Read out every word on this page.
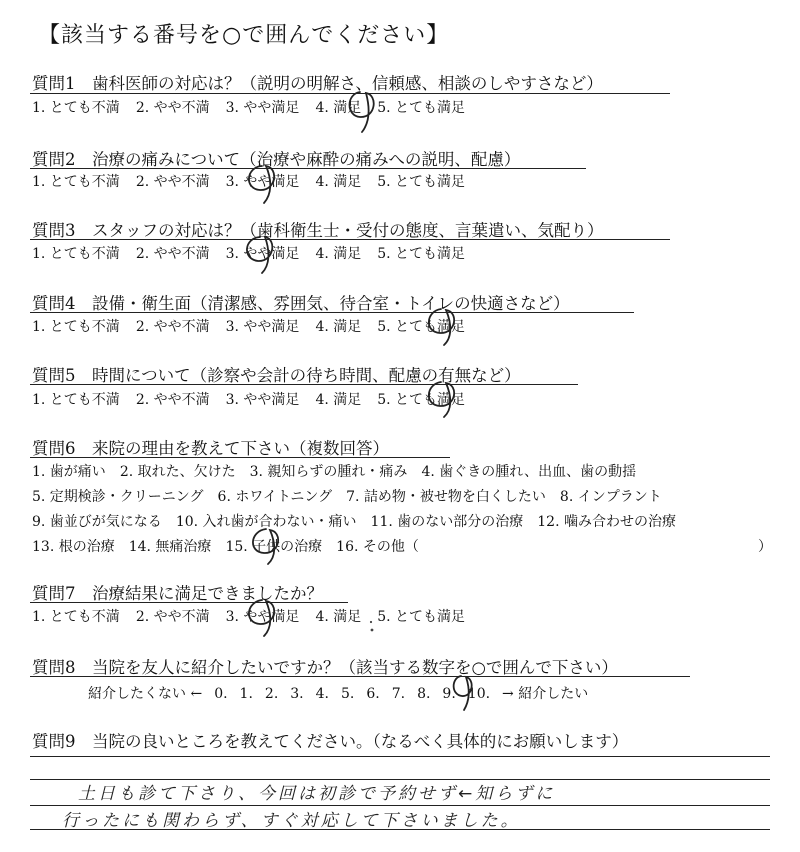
【該当する番号を○で囲んでください】
質問1　歯科医師の対応は？（説明の明解さ、信頼感、相談のしやすさなど）
1. とても不満 2. やや不満 3. やや満足 4. 満足 5. とても満足
質問2　治療の痛みについて（治療や麻酔の痛みへの説明、配慮）
1. とても不満 2. やや不満 3. やや満足 4. 満足 5. とても満足
質問3　スタッフの対応は？（歯科衛生士・受付の態度、言葉遣い、気配り）
1. とても不満 2. やや不満 3. やや満足 4. 満足 5. とても満足
質問4　設備・衛生面（清潔感、雰囲気、待合室・トイレの快適さなど）
1. とても不満 2. やや不満 3. やや満足 4. 満足 5. とても満足
質問5　時間について（診察や会計の待ち時間、配慮の有無など）
1. とても不満 2. やや不満 3. やや満足 4. 満足 5. とても満足
質問6　来院の理由を教えて下さい（複数回答）
1. 歯が痛い 2. 取れた、欠けた 3. 親知らずの腫れ・痛み 4. 歯ぐきの腫れ、出血、歯の動揺
5. 定期検診・クリーニング 6. ホワイトニング 7. 詰め物・被せ物を白くしたい 8. インプラント
9. 歯並びが気になる 10. 入れ歯が合わない・痛い 11. 歯のない部分の治療 12. 噛み合わせの治療
13. 根の治療 14. 無痛治療 15. 子供の治療 16. その他（	）
質問7　治療結果に満足できましたか？
1. とても不満 2. やや不満 3. やや満足 4. 満足 5. とても満足
質問8　当院を友人に紹介したいですか？（該当する数字を○で囲んで下さい）
紹介したくない ← 0. 1. 2. 3. 4. 5. 6. 7. 8. 9. 10. → 紹介したい
質問9　当院の良いところを教えてください。（なるべく具体的にお願いします）
土日も診て下さり、今回は初診で予約せず←知らずに
行ったにも関わらず、すぐ対応して下さいました。
